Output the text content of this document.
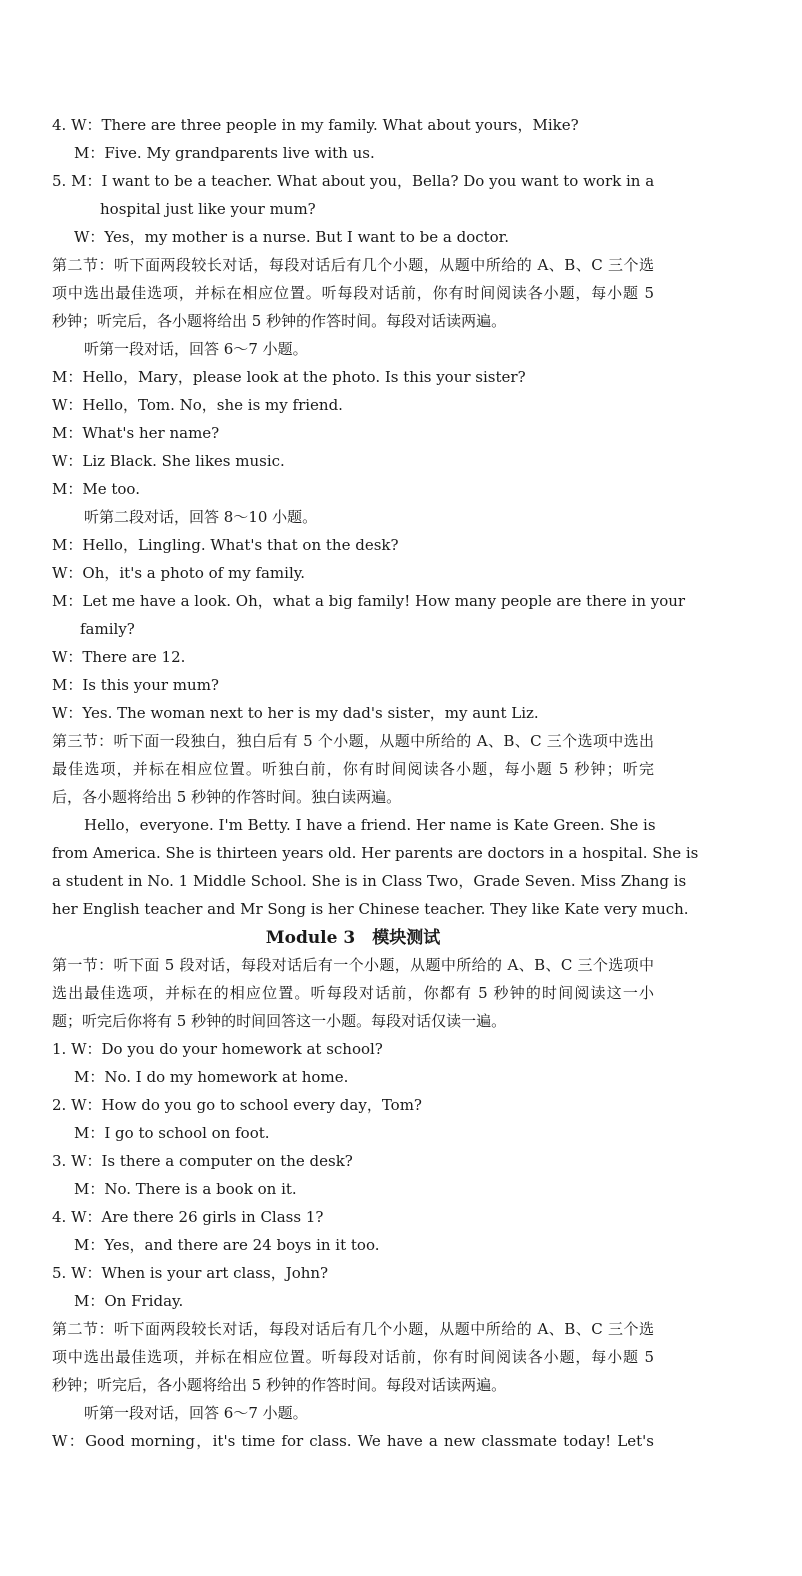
4. W：There are three people in my family. What about yours，Mike?
M：Five. My grandparents live with us.
5. M：I want to be a teacher. What about you，Bella? Do you want to work in a
hospital just like your mum?
W：Yes，my mother is a nurse. But I want to be a doctor.
第二节：听下面两段较长对话，每段对话后有几个小题，从题中所给的 A、B、C 三个选
项中选出最佳选项，并标在相应位置。听每段对话前，你有时间阅读各小题，每小题 5
秒钟；听完后，各小题将给出 5 秒钟的作答时间。每段对话读两遍。
听第一段对话，回答 6～7 小题。
M：Hello，Mary，please look at the photo. Is this your sister?
W：Hello，Tom. No，she is my friend.
M：What's her name?
W：Liz Black. She likes music.
M：Me too.
听第二段对话，回答 8～10 小题。
M：Hello，Lingling. What's that on the desk?
W：Oh，it's a photo of my family.
M：Let me have a look. Oh，what a big family! How many people are there in your
family?
W：There are 12.
M：Is this your mum?
W：Yes. The woman next to her is my dad's sister，my aunt Liz.
第三节：听下面一段独白，独白后有 5 个小题，从题中所给的 A、B、C 三个选项中选出
最佳选项，并标在相应位置。听独白前，你有时间阅读各小题，每小题 5 秒钟；听完
后，各小题将给出 5 秒钟的作答时间。独白读两遍。
Hello，everyone. I'm Betty. I have a friend. Her name is Kate Green. She is
from America. She is thirteen years old. Her parents are doctors in a hospital. She is
a student in No. 1 Middle School. She is in Class Two，Grade Seven. Miss Zhang is
her English teacher and Mr Song is her Chinese teacher. They like Kate very much.
Module 3　模块测试
第一节：听下面 5 段对话，每段对话后有一个小题，从题中所给的 A、B、C 三个选项中
选出最佳选项，并标在的相应位置。听每段对话前，你都有 5 秒钟的时间阅读这一小
题；听完后你将有 5 秒钟的时间回答这一小题。每段对话仅读一遍。
1. W：Do you do your homework at school?
M：No. I do my homework at home.
2. W：How do you go to school every day，Tom?
M：I go to school on foot.
3. W：Is there a computer on the desk?
M：No. There is a book on it.
4. W：Are there 26 girls in Class 1?
M：Yes，and there are 24 boys in it too.
5. W：When is your art class，John?
M：On Friday.
第二节：听下面两段较长对话，每段对话后有几个小题，从题中所给的 A、B、C 三个选
项中选出最佳选项，并标在相应位置。听每段对话前，你有时间阅读各小题，每小题 5
秒钟；听完后，各小题将给出 5 秒钟的作答时间。每段对话读两遍。
听第一段对话，回答 6～7 小题。
W：Good morning，it's time for class. We have a new classmate today! Let's
